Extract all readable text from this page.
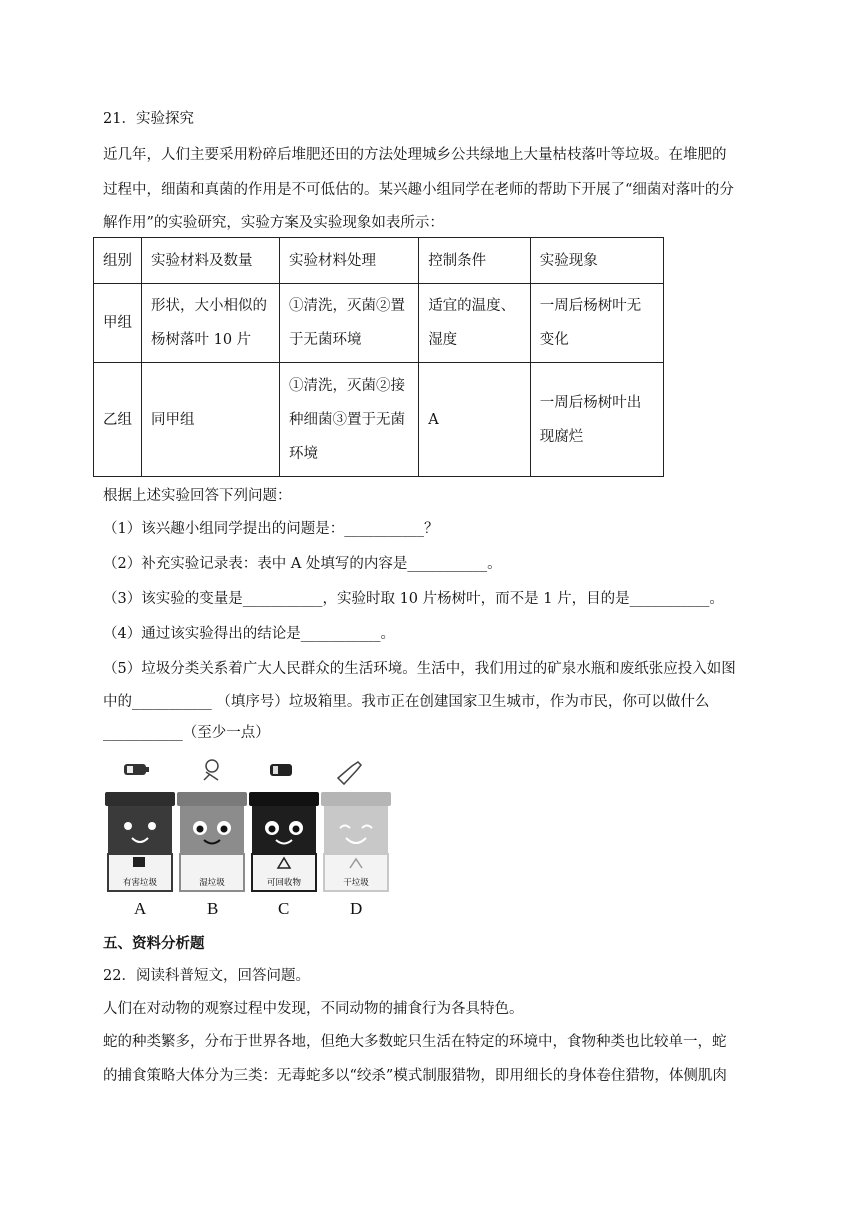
21．实验探究
近几年，人们主要采用粉碎后堆肥还田的方法处理城乡公共绿地上大量枯枝落叶等垃圾。在堆肥的
过程中，细菌和真菌的作用是不可低估的。某兴趣小组同学在老师的帮助下开展了“细菌对落叶的分
解作用”的实验研究，实验方案及实验现象如表所示：
组别	实验材料及数量	实验材料处理	控制条件	实验现象
甲组	形状，大小相似的杨树落叶 10 片	①清洗，灭菌②置于无菌环境	适宜的温度、湿度	一周后杨树叶无变化
乙组	同甲组	①清洗，灭菌②接种细菌③置于无菌环境	A	一周后杨树叶出现腐烂
根据上述实验回答下列问题：
（1）该兴趣小组同学提出的问题是：___________？
（2）补充实验记录表：表中 A 处填写的内容是___________。
（3）该实验的变量是___________，实验时取 10 片杨树叶，而不是 1 片，目的是___________。
（4）通过该实验得出的结论是___________。
（5）垃圾分类关系着广大人民群众的生活环境。生活中，我们用过的矿泉水瓶和废纸张应投入如图
中的___________ （填序号）垃圾箱里。我市正在创建国家卫生城市，作为市民，你可以做什么
___________（至少一点）
有害垃圾	湿垃圾	可回收物	干垃圾
A	B	C	D
五、资料分析题
22．阅读科普短文，回答问题。
人们在对动物的观察过程中发现，不同动物的捕食行为各具特色。
蛇的种类繁多，分布于世界各地，但绝大多数蛇只生活在特定的环境中，食物种类也比较单一，蛇
的捕食策略大体分为三类：无毒蛇多以“绞杀”模式制服猎物，即用细长的身体卷住猎物，体侧肌肉
